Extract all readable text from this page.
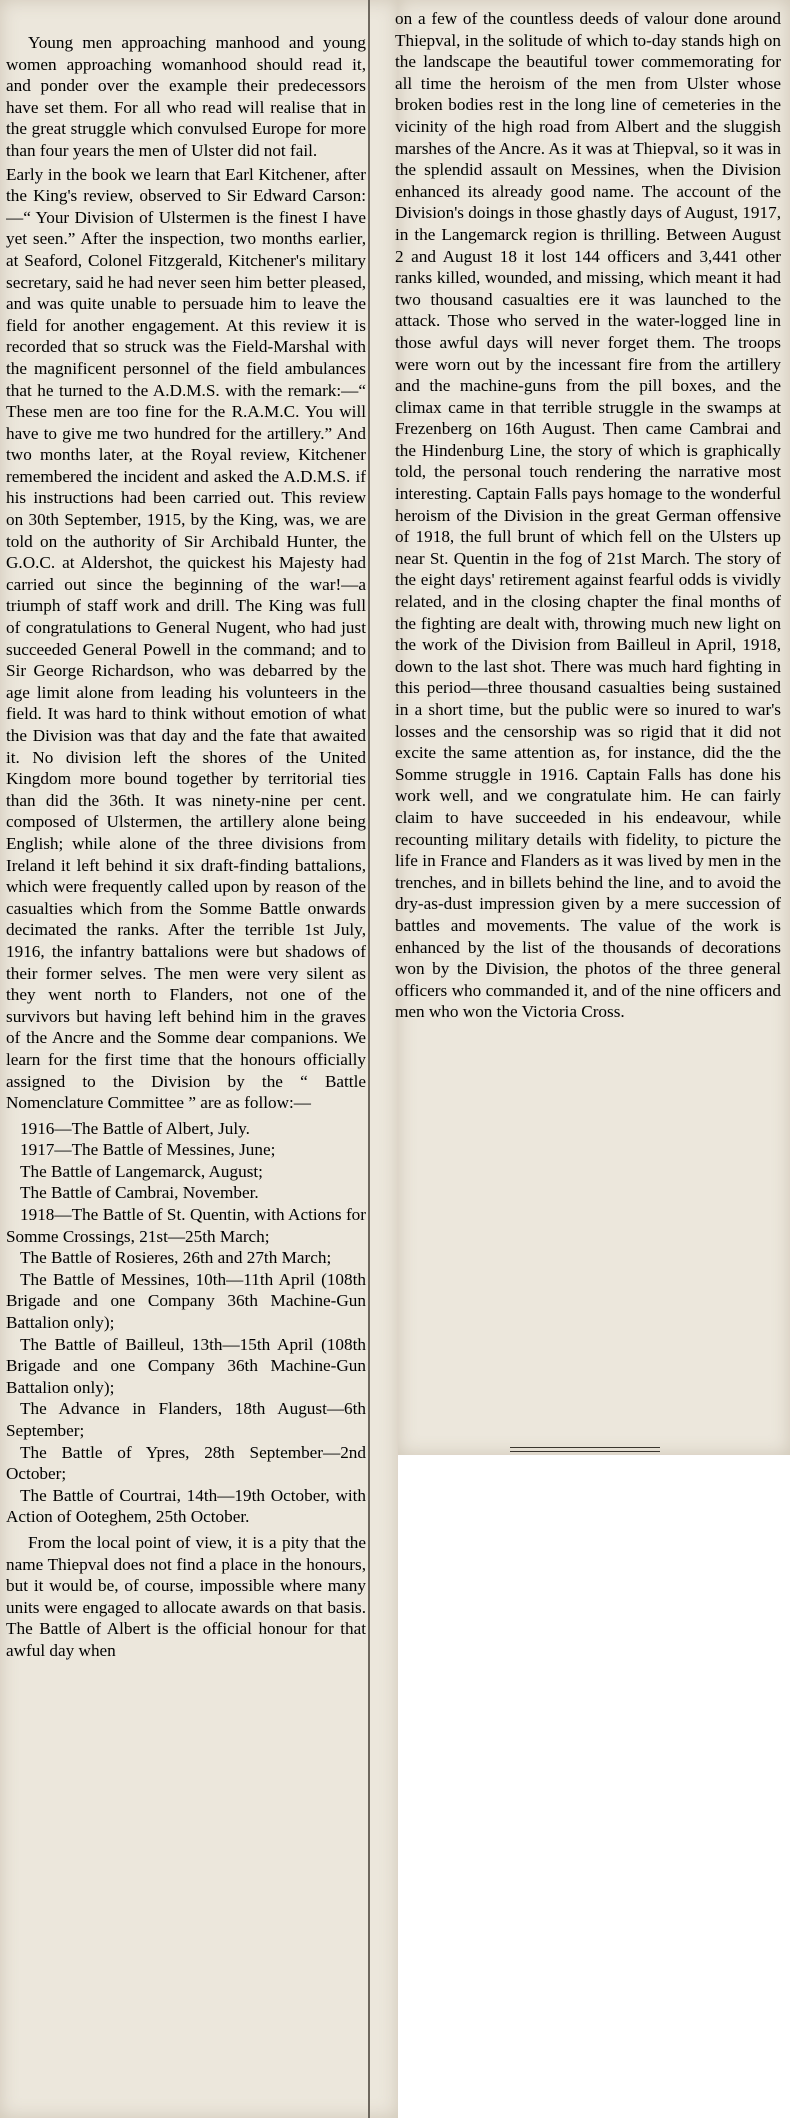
Young men approaching manhood and young women approaching womanhood should read it, and ponder over the example their predecessors have set them. For all who read will realise that in the great struggle which convulsed Europe for more than four years the men of Ulster did not fail.

Early in the book we learn that Earl Kitchener, after the King's review, observed to Sir Edward Carson:—“ Your Division of Ulstermen is the finest I have yet seen.” After the inspection, two months earlier, at Seaford, Colonel Fitzgerald, Kitchener's military secretary, said he had never seen him better pleased, and was quite unable to persuade him to leave the field for another engagement. At this review it is recorded that so struck was the Field-Marshal with the magnificent personnel of the field ambulances that he turned to the A.D.M.S. with the remark:—“ These men are too fine for the R.A.M.C. You will have to give me two hundred for the artillery.” And two months later, at the Royal review, Kitchener remembered the incident and asked the A.D.M.S. if his instructions had been carried out. This review on 30th September, 1915, by the King, was, we are told on the authority of Sir Archibald Hunter, the G.O.C. at Aldershot, the quickest his Majesty had carried out since the beginning of the war!—a triumph of staff work and drill. The King was full of congratulations to General Nugent, who had just succeeded General Powell in the command; and to Sir George Richardson, who was debarred by the age limit alone from leading his volunteers in the field. It was hard to think without emotion of what the Division was that day and the fate that awaited it. No division left the shores of the United Kingdom more bound together by territorial ties than did the 36th. It was ninety-nine per cent. composed of Ulstermen, the artillery alone being English; while alone of the three divisions from Ireland it left behind it six draft-finding battalions, which were frequently called upon by reason of the casualties which from the Somme Battle onwards decimated the ranks. After the terrible 1st July, 1916, the infantry battalions were but shadows of their former selves. The men were very silent as they went north to Flanders, not one of the survivors but having left behind him in the graves of the Ancre and the Somme dear companions. We learn for the first time that the honours officially assigned to the Division by the “ Battle Nomenclature Committee ” are as follow:—

1916—The Battle of Albert, July.

1917—The Battle of Messines, June;

The Battle of Langemarck, August;

The Battle of Cambrai, November.

1918—The Battle of St. Quentin, with Actions for Somme Crossings, 21st—25th March;

The Battle of Rosieres, 26th and 27th March;

The Battle of Messines, 10th—11th April (108th Brigade and one Company 36th Machine-Gun Battalion only);

The Battle of Bailleul, 13th—15th April (108th Brigade and one Company 36th Machine-Gun Battalion only);

The Advance in Flanders, 18th August—6th September;

The Battle of Ypres, 28th September—2nd October;

The Battle of Courtrai, 14th—19th October, with Action of Ooteghem, 25th October.

From the local point of view, it is a pity that the name Thiepval does not find a place in the honours, but it would be, of course, impossible where many units were engaged to allocate awards on that basis. The Battle of Albert is the official honour for that awful day when

on a few of the countless deeds of valour done around Thiepval, in the solitude of which to-day stands high on the landscape the beautiful tower commemorating for all time the heroism of the men from Ulster whose broken bodies rest in the long line of cemeteries in the vicinity of the high road from Albert and the sluggish marshes of the Ancre. As it was at Thiepval, so it was in the splendid assault on Messines, when the Division enhanced its already good name. The account of the Division's doings in those ghastly days of August, 1917, in the Langemarck region is thrilling. Between August 2 and August 18 it lost 144 officers and 3,441 other ranks killed, wounded, and missing, which meant it had two thousand casualties ere it was launched to the attack. Those who served in the water-logged line in those awful days will never forget them. The troops were worn out by the incessant fire from the artillery and the machine-guns from the pill boxes, and the climax came in that terrible struggle in the swamps at Frezenberg on 16th August. Then came Cambrai and the Hindenburg Line, the story of which is graphically told, the personal touch rendering the narrative most interesting. Captain Falls pays homage to the wonderful heroism of the Division in the great German offensive of 1918, the full brunt of which fell on the Ulsters up near St. Quentin in the fog of 21st March. The story of the eight days' retirement against fearful odds is vividly related, and in the closing chapter the final months of the fighting are dealt with, throwing much new light on the work of the Division from Bailleul in April, 1918, down to the last shot. There was much hard fighting in this period—three thousand casualties being sustained in a short time, but the public were so inured to war's losses and the censorship was so rigid that it did not excite the same attention as, for instance, did the the Somme struggle in 1916. Captain Falls has done his work well, and we congratulate him. He can fairly claim to have succeeded in his endeavour, while recounting military details with fidelity, to picture the life in France and Flanders as it was lived by men in the trenches, and in billets behind the line, and to avoid the dry-as-dust impression given by a mere succession of battles and movements. The value of the work is enhanced by the list of the thousands of decorations won by the Division, the photos of the three general officers who commanded it, and of the nine officers and men who won the Victoria Cross.
